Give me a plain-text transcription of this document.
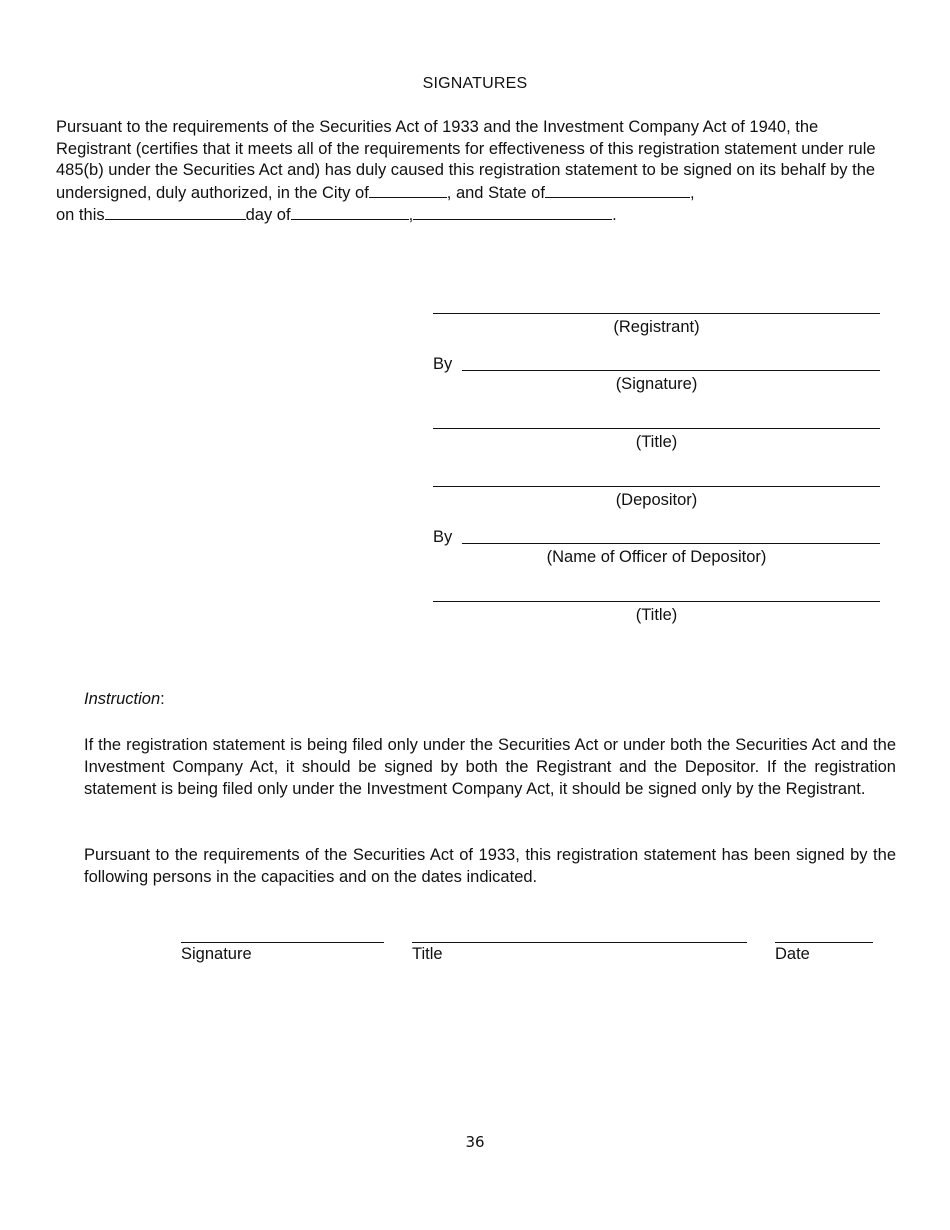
SIGNATURES
Pursuant to the requirements of the Securities Act of 1933 and the Investment Company Act of 1940, the Registrant (certifies that it meets all of the requirements for effectiveness of this registration statement under rule 485(b) under the Securities Act and) has duly caused this registration statement to be signed on its behalf by the undersigned, duly authorized, in the City of	, and State of	,
on this	day of	,	.
(Registrant)
By
(Signature)
(Title)
(Depositor)
By
(Name of Officer of Depositor)
(Title)
Instruction:
If the registration statement is being filed only under the Securities Act or under both the Securities Act and the Investment Company Act, it should be signed by both the Registrant and the Depositor. If the registration statement is being filed only under the Investment Company Act, it should be signed only by the Registrant.
Pursuant to the requirements of the Securities Act of 1933, this registration statement has been signed by the following persons in the capacities and on the dates indicated.
Signature	Title	Date
36
